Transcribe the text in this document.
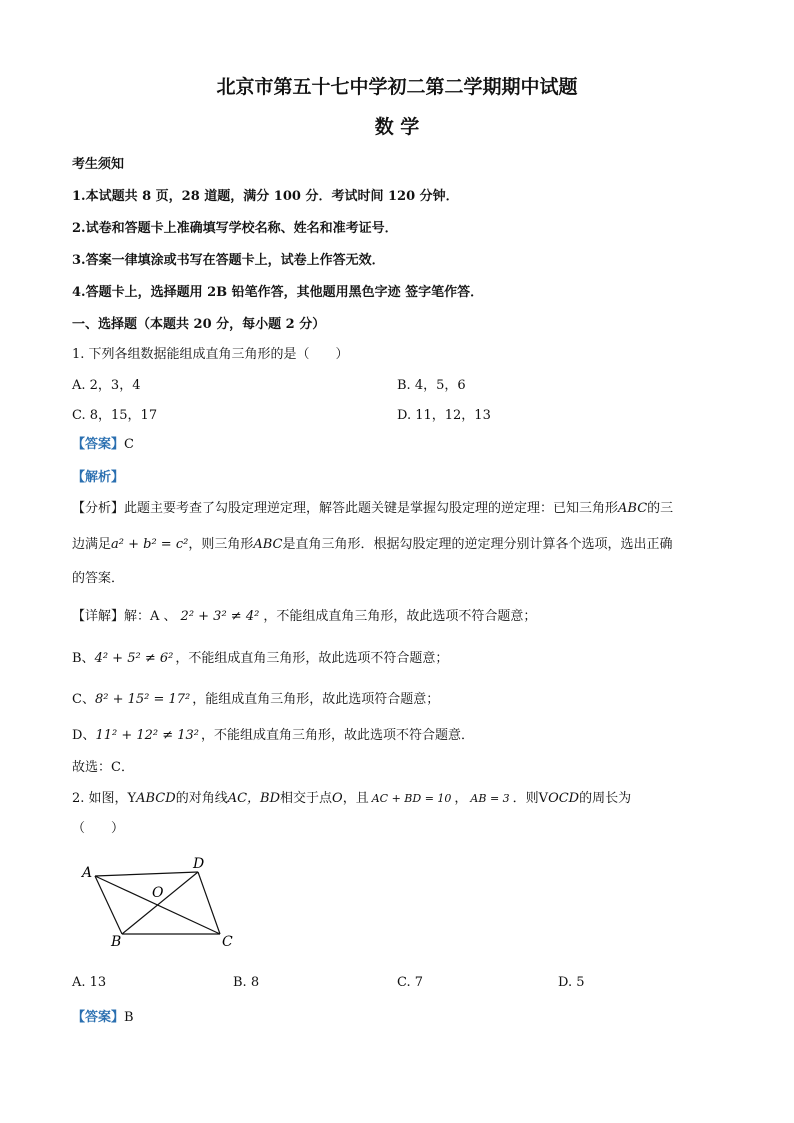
北京市第五十七中学初二第二学期期中试题
数 学
考生须知
1.本试题共 8 页，28 道题，满分 100 分．考试时间 120 分钟．
2.试卷和答题卡上准确填写学校名称、姓名和准考证号．
3.答案一律填涂或书写在答题卡上，试卷上作答无效．
4.答题卡上，选择题用 2B 铅笔作答，其他题用黑色字迹 签字笔作答．
一、选择题（本题共 20 分，每小题 2 分）
1. 下列各组数据能组成直角三角形的是（　　）
A. 2，3，4	B. 4，5，6
C. 8，15，17	D. 11，12，13
【答案】C
【解析】
【分析】此题主要考查了勾股定理逆定理，解答此题关键是掌握勾股定理的逆定理：已知三角形ABC的三
边满足a² + b² = c²，则三角形ABC是直角三角形．根据勾股定理的逆定理分别计算各个选项，选出正确
的答案．
【详解】解：A 、 2² + 3² ≠ 4² ，不能组成直角三角形，故此选项不符合题意；
B、4² + 5² ≠ 6² ，不能组成直角三角形，故此选项不符合题意；
C、8² + 15² = 17² ，能组成直角三角形，故此选项符合题意；
D、11² + 12² ≠ 13² ，不能组成直角三角形，故此选项不符合题意．
故选：C．
2. 如图，YABCD的对角线AC，BD相交于点O，且 AC + BD = 10 ， AB = 3 ．则VOCD的周长为
（　　）
A
D
O
B	C
A. 13	B. 8	C. 7	D. 5
【答案】B
